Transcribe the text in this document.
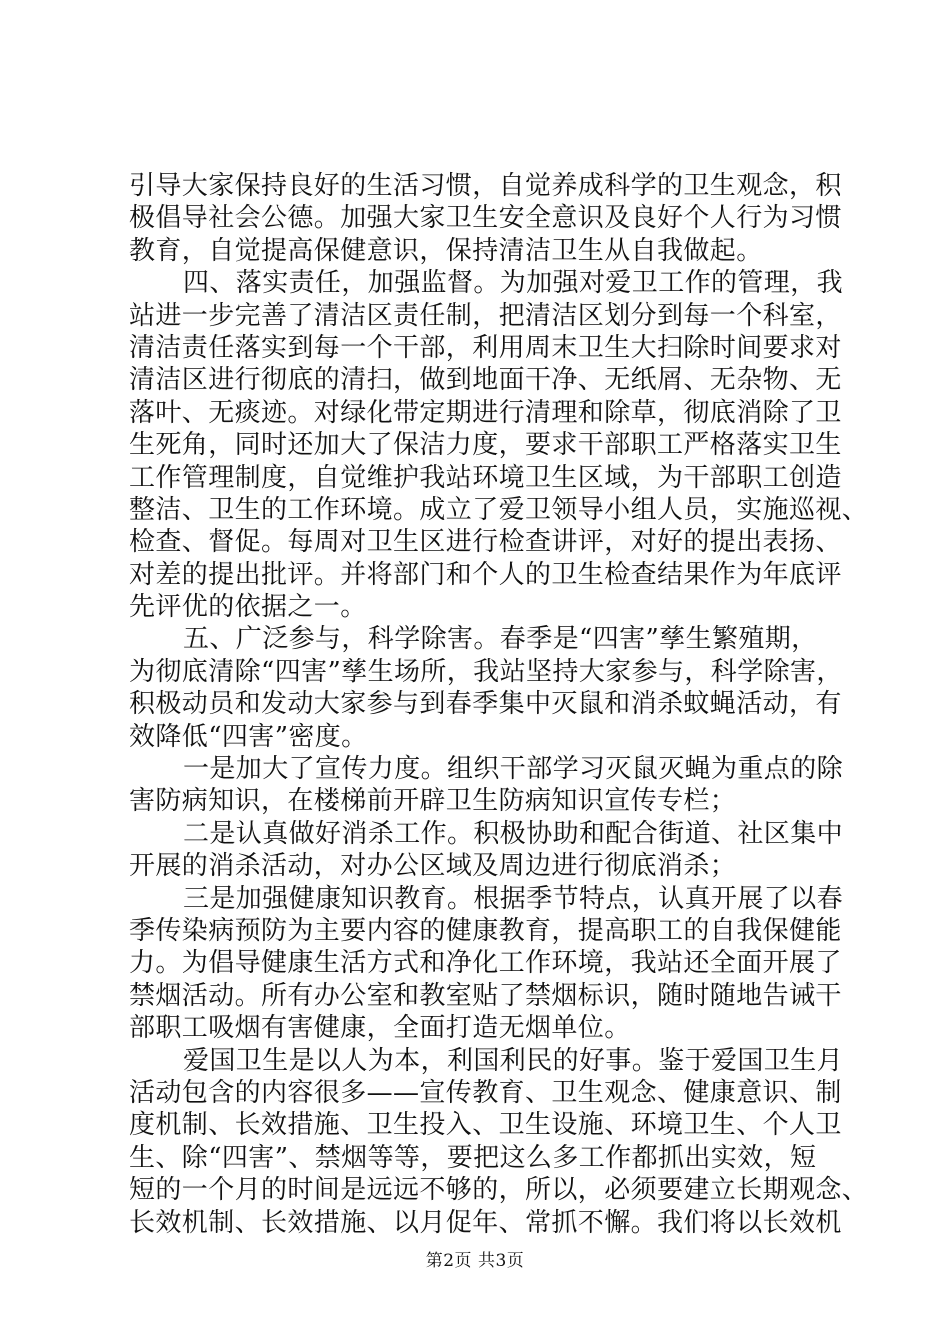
引导大家保持良好的生活习惯，自觉养成科学的卫生观念，积
极倡导社会公德。加强大家卫生安全意识及良好个人行为习惯
教育，自觉提高保健意识，保持清洁卫生从自我做起。
四、落实责任，加强监督。为加强对爱卫工作的管理，我
站进一步完善了清洁区责任制，把清洁区划分到每一个科室，
清洁责任落实到每一个干部，利用周末卫生大扫除时间要求对
清洁区进行彻底的清扫，做到地面干净、无纸屑、无杂物、无
落叶、无痰迹。对绿化带定期进行清理和除草，彻底消除了卫
生死角，同时还加大了保洁力度，要求干部职工严格落实卫生
工作管理制度，自觉维护我站环境卫生区域，为干部职工创造
整洁、卫生的工作环境。成立了爱卫领导小组人员，实施巡视、
检查、督促。每周对卫生区进行检查讲评，对好的提出表扬、
对差的提出批评。并将部门和个人的卫生检查结果作为年底评
先评优的依据之一。
五、广泛参与，科学除害。春季是“四害”孳生繁殖期，
为彻底清除“四害”孳生场所，我站坚持大家参与，科学除害，
积极动员和发动大家参与到春季集中灭鼠和消杀蚊蝇活动，有
效降低“四害”密度。
一是加大了宣传力度。组织干部学习灭鼠灭蝇为重点的除
害防病知识，在楼梯前开辟卫生防病知识宣传专栏；
二是认真做好消杀工作。积极协助和配合街道、社区集中
开展的消杀活动，对办公区域及周边进行彻底消杀；
三是加强健康知识教育。根据季节特点，认真开展了以春
季传染病预防为主要内容的健康教育，提高职工的自我保健能
力。为倡导健康生活方式和净化工作环境，我站还全面开展了
禁烟活动。所有办公室和教室贴了禁烟标识，随时随地告诫干
部职工吸烟有害健康，全面打造无烟单位。
爱国卫生是以人为本，利国利民的好事。鉴于爱国卫生月
活动包含的内容很多——宣传教育、卫生观念、健康意识、制
度机制、长效措施、卫生投入、卫生设施、环境卫生、个人卫
生、除“四害”、禁烟等等，要把这么多工作都抓出实效，短
短的一个月的时间是远远不够的，所以，必须要建立长期观念、
长效机制、长效措施、以月促年、常抓不懈。我们将以长效机
第2页 共3页
